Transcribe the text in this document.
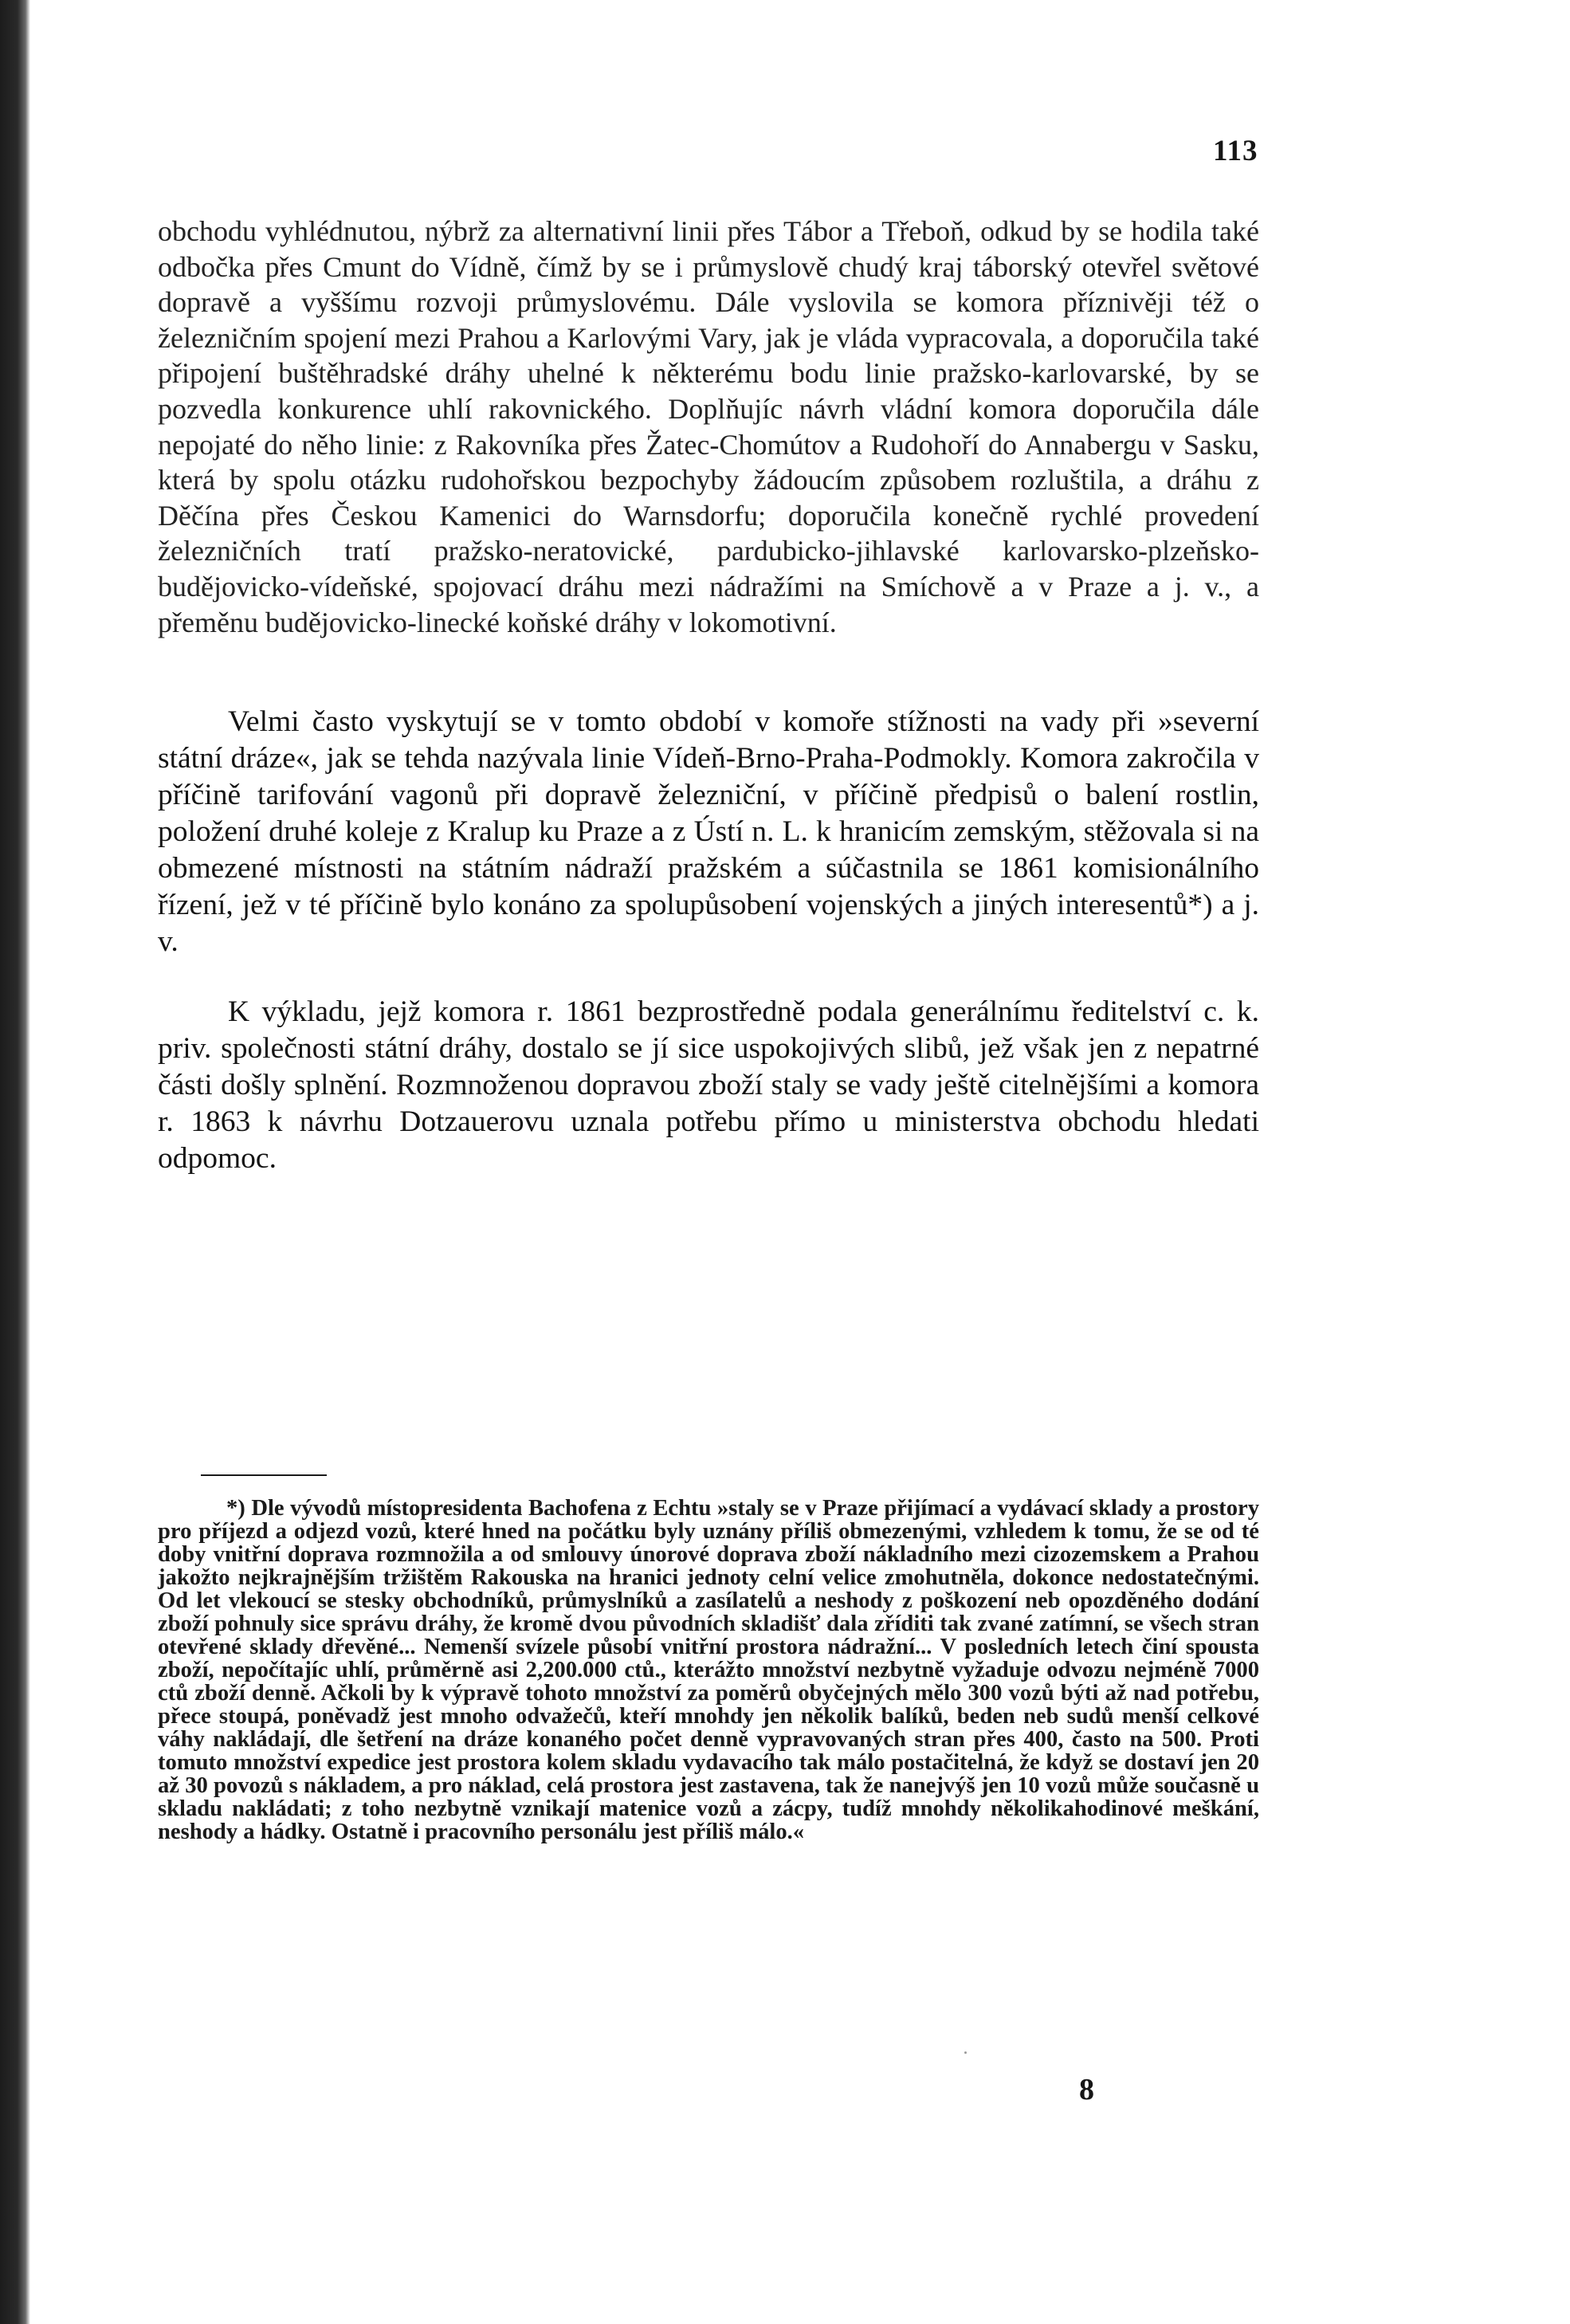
113

obchodu vyhlédnutou, nýbrž za alternativní linii přes Tábor a Třeboň, odkud by se hodila také odbočka přes Cmunt do Vídně, čímž by se i průmyslově chudý kraj táborský otevřel světové dopravě a vyššímu rozvoji průmyslovému. Dále vyslovila se komora příznivěji též o železničním spojení mezi Prahou a Karlovými Vary, jak je vláda vypracovala, a doporučila také připojení buštěhradské dráhy uhelné k některému bodu linie pražsko-karlovarské, by se pozvedla konkurence uhlí rakovnického. Doplňujíc návrh vládní komora doporučila dále nepojaté do něho linie: z Rakovníka přes Žatec-Chomútov a Rudohoří do Annabergu v Sasku, která by spolu otázku rudohořskou bezpochyby žádoucím způsobem rozluštila, a dráhu z Děčína přes Českou Kamenici do Warnsdorfu; doporučila konečně rychlé provedení železničních tratí pražsko-neratovické, pardubicko-jihlavské karlovarsko-plzeňsko-budějovicko-vídeňské, spojovací dráhu mezi nádražími na Smíchově a v Praze a j. v., a přeměnu budějovicko-linecké koňské dráhy v lokomotivní.

Velmi často vyskytují se v tomto období v komoře stížnosti na vady při »severní státní dráze«, jak se tehda nazývala linie Vídeň-Brno-Praha-Podmokly. Komora zakročila v příčině tarifování vagonů při dopravě železniční, v příčině předpisů o balení rostlin, položení druhé koleje z Kralup ku Praze a z Ústí n. L. k hranicím zemským, stěžovala si na obmezené místnosti na státním nádraží pražském a súčastnila se 1861 komisionálního řízení, jež v té příčině bylo konáno za spolupůsobení vojenských a jiných interesentů*) a j. v.

K výkladu, jejž komora r. 1861 bezprostředně podala generálnímu ředitelství c. k. priv. společnosti státní dráhy, dostalo se jí sice uspokojivých slibů, jež však jen z nepatrné části došly splnění. Rozmnoženou dopravou zboží staly se vady ještě citelnějšími a komora r. 1863 k návrhu Dotzauerovu uznala potřebu přímo u ministerstva obchodu hledati odpomoc.

*) Dle vývodů místopresidenta Bachofena z Echtu »staly se v Praze přijímací a vydávací sklady a prostory pro příjezd a odjezd vozů, které hned na počátku byly uznány příliš obmezenými, vzhledem k tomu, že se od té doby vnitřní doprava rozmnožila a od smlouvy únorové doprava zboží nákladního mezi cizozemskem a Prahou jakožto nejkrajnějším tržištěm Rakouska na hranici jednoty celní velice zmohutněla, dokonce nedostatečnými. Od let vlekoucí se stesky obchodníků, průmyslníků a zasílatelů a neshody z poškození neb opozděného dodání zboží pohnuly sice správu dráhy, že kromě dvou původních skladišť dala zříditi tak zvané zatímní, se všech stran otevřené sklady dřevěné... Nemenší svízele působí vnitřní prostora nádražní... V posledních letech činí spousta zboží, nepočítajíc uhlí, průměrně asi 2,200.000 ctů., kterážto množství nezbytně vyžaduje odvozu nejméně 7000 ctů zboží denně. Ačkoli by k výpravě tohoto množství za poměrů obyčejných mělo 300 vozů býti až nad potřebu, přece stoupá, poněvadž jest mnoho odvažečů, kteří mnohdy jen několik balíků, beden neb sudů menší celkové váhy nakládají, dle šetření na dráze konaného počet denně vypravovaných stran přes 400, často na 500. Proti tomuto množství expedice jest prostora kolem skladu vydavacího tak málo postačitelná, že když se dostaví jen 20 až 30 povozů s nákladem, a pro náklad, celá prostora jest zastavena, tak že nanejvýš jen 10 vozů může současně u skladu nakládati; z toho nezbytně vznikají matenice vozů a zácpy, tudíž mnohdy několikahodinové meškání, neshody a hádky. Ostatně i pracovního personálu jest příliš málo.«

8
